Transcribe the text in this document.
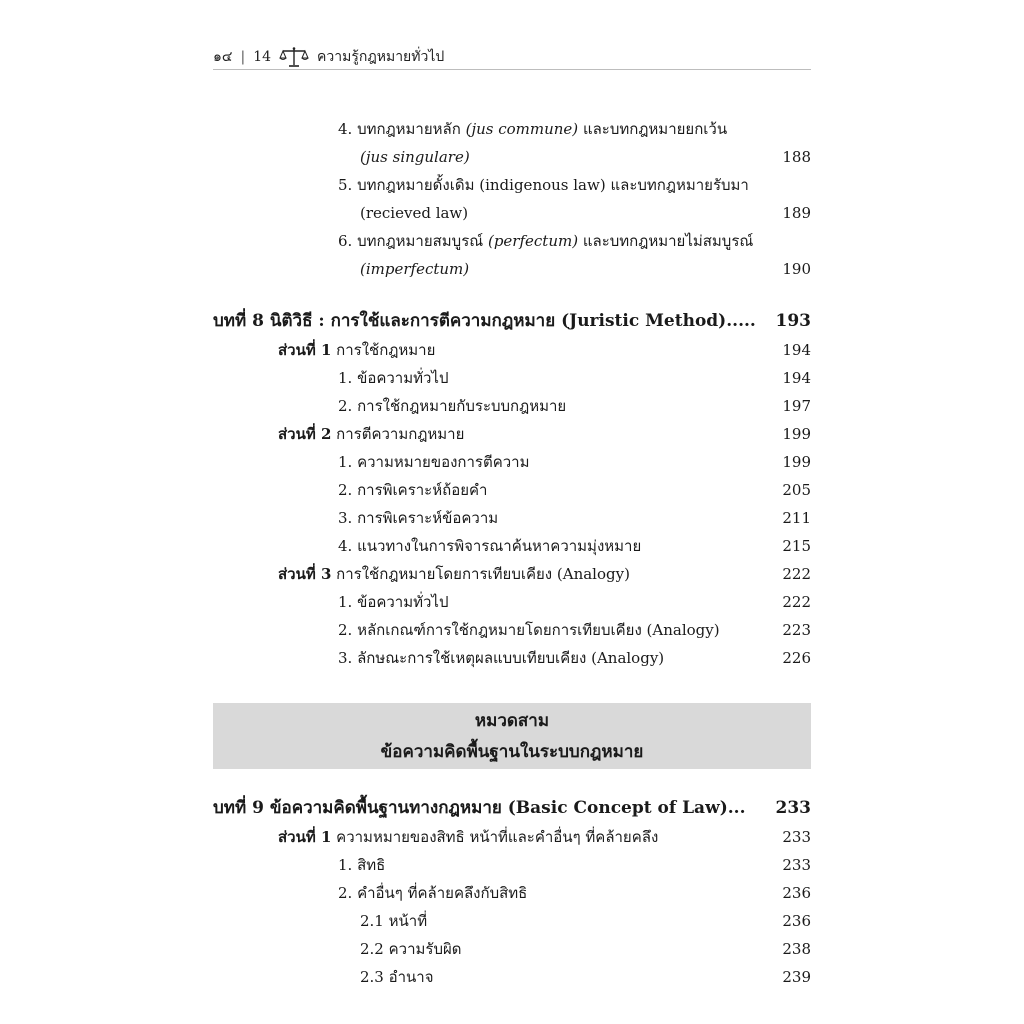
๑๔ | 14	ความรู้กฎหมายทั่วไป
4. บทกฎหมายหลัก (jus commune) และบทกฎหมายยกเว้น
(jus singulare)	188
5. บทกฎหมายดั้งเดิม (indigenous law) และบทกฎหมายรับมา
(recieved law)	189
6. บทกฎหมายสมบูรณ์ (perfectum) และบทกฎหมายไม่สมบูรณ์
(imperfectum)	190
บทที่ 8 นิติวิธี : การใช้และการตีความกฎหมาย (Juristic Method)..... 193
ส่วนที่ 1 การใช้กฎหมาย	194
1. ข้อความทั่วไป	194
2. การใช้กฎหมายกับระบบกฎหมาย	197
ส่วนที่ 2 การตีความกฎหมาย	199
1. ความหมายของการตีความ	199
2. การพิเคราะห์ถ้อยคำ	205
3. การพิเคราะห์ข้อความ	211
4. แนวทางในการพิจารณาค้นหาความมุ่งหมาย	215
ส่วนที่ 3 การใช้กฎหมายโดยการเทียบเคียง (Analogy)	222
1. ข้อความทั่วไป	222
2. หลักเกณฑ์การใช้กฎหมายโดยการเทียบเคียง (Analogy)	223
3. ลักษณะการใช้เหตุผลแบบเทียบเคียง (Analogy)	226
หมวดสาม
ข้อความคิดพื้นฐานในระบบกฎหมาย
บทที่ 9 ข้อความคิดพื้นฐานทางกฎหมาย (Basic Concept of Law)... 233
ส่วนที่ 1 ความหมายของสิทธิ หน้าที่และคำอื่นๆ ที่คล้ายคลึง	233
1. สิทธิ	233
2. คำอื่นๆ ที่คล้ายคลึงกับสิทธิ	236
2.1 หน้าที่	236
2.2 ความรับผิด	238
2.3 อำนาจ	239
